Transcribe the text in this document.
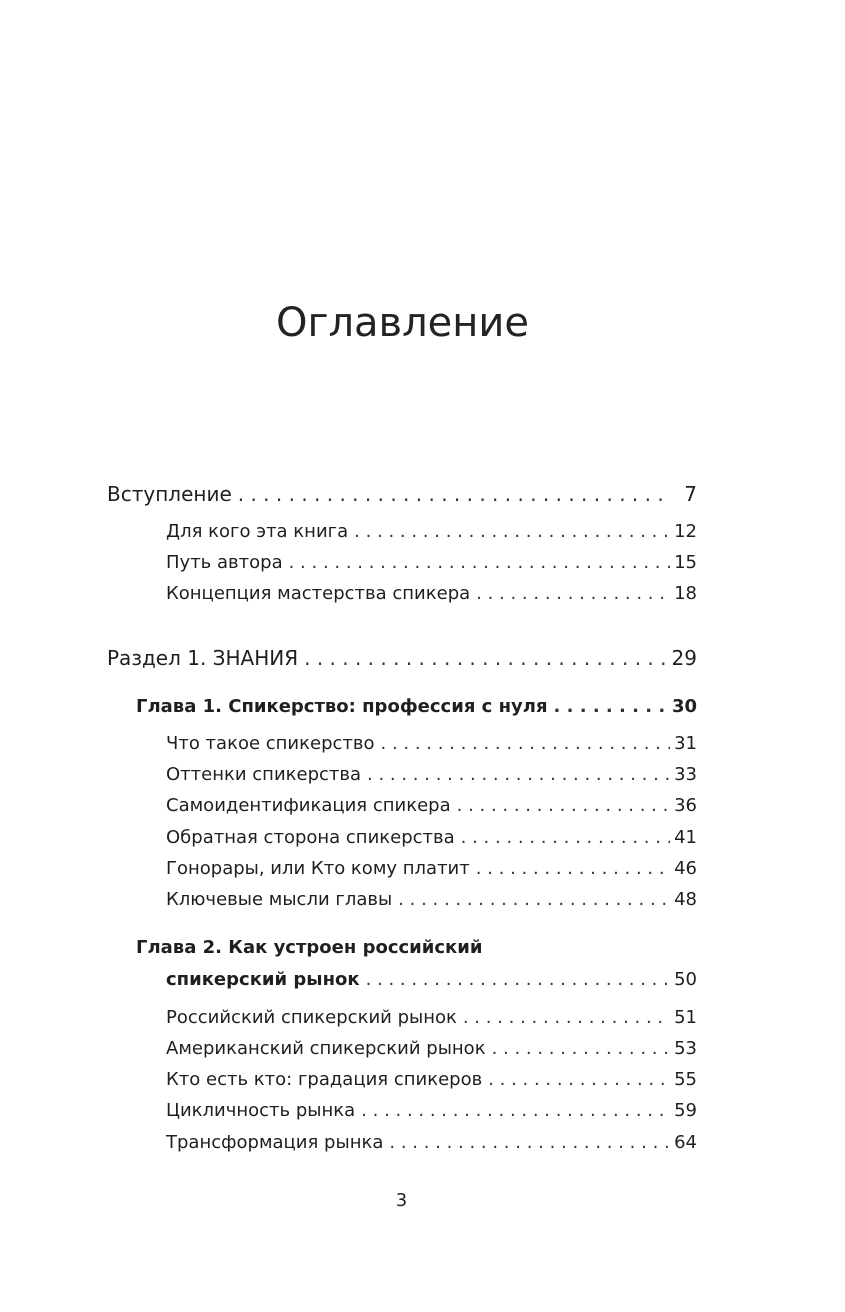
Оглавление
Вступление . . .	7
Для кого эта книга . . .	12
Путь автора . . .	15
Концепция мастерства спикера . . .	18
Раздел 1. ЗНАНИЯ . . .	29
Глава 1. Спикерство: профессия с нуля . . .	30
Что такое спикерство . . .	31
Оттенки спикерства . . .	33
Самоидентификация спикера . . .	36
Обратная сторона спикерства . . .	41
Гонорары, или Кто кому платит . . .	46
Ключевые мысли главы . . .	48
Глава 2. Как устроен российский
спикерский рынок . . .	50
Российский спикерский рынок . . .	51
Американский спикерский рынок . . .	53
Кто есть кто: градация спикеров . . .	55
Цикличность рынка . . .	59
Трансформация рынка . . .	64
3
